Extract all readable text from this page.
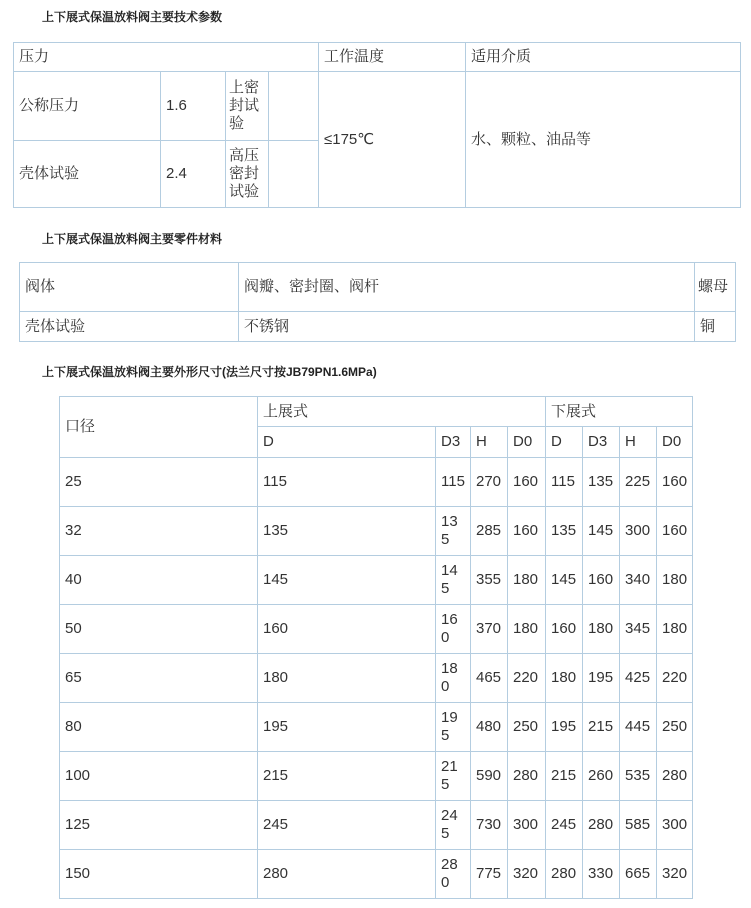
上下展式保温放料阀主要技术参数
压力				工作温度	适用介质
公称压力	1.6	上密封试验		≤175℃	水、颗粒、油品等
壳体试验	2.4	高压密封试验			
上下展式保温放料阀主要零件材料
阀体	阀瓣、密封圈、阀杆	螺母
壳体试验	不锈钢	铜
上下展式保温放料阀主要外形尺寸(法兰尺寸按JB79PN1.6MPa)
口径	上展式				下展式			
	D	D3	H	D0	D	D3	H	D0
25	115	115	270	160	115	135	225	160
32	135	135	285	160	135	145	300	160
40	145	145	355	180	145	160	340	180
50	160	160	370	180	160	180	345	180
65	180	180	465	220	180	195	425	220
80	195	195	480	250	195	215	445	250
100	215	215	590	280	215	260	535	280
125	245	245	730	300	245	280	585	300
150	280	280	775	320	280	330	665	320
